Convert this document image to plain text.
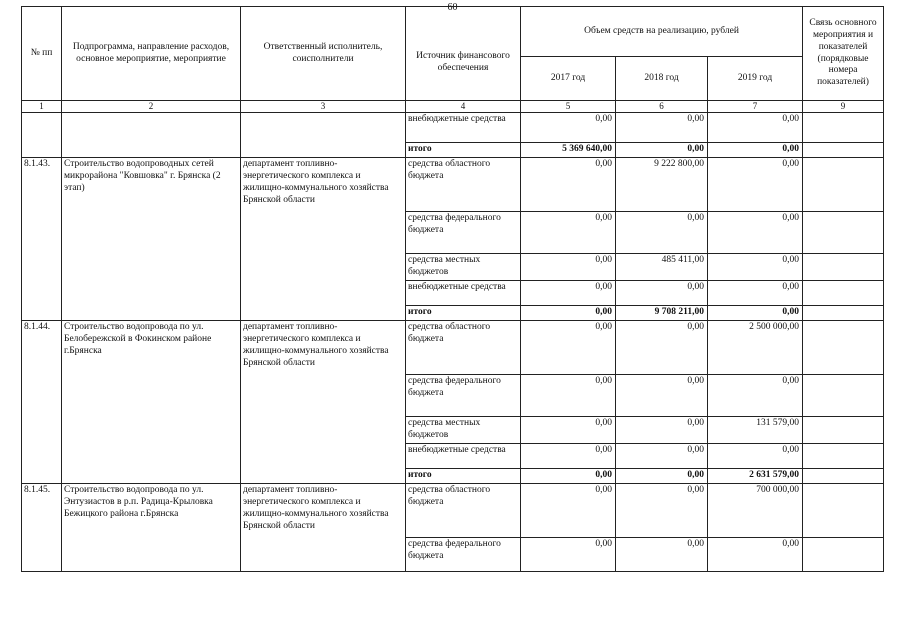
60
№ пп	Подпрограмма, направление расходов, основное мероприятие, мероприятие	Ответственный исполнитель, соисполнители	Источник финансового обеспечения	Объем средств на реализацию, рублей			Связь основного мероприятия и показателей (порядковые номера показателей)
				2017 год	2018 год	2019 год	
1	2	3	4	5	6	7	9
			внебюджетные средства	0,00	0,00	0,00	
			итого	5 369 640,00	0,00	0,00	
8.1.43.	Строительство водопроводных сетей микрорайона "Ковшовка" г. Брянска (2 этап)	департамент топливно-энергетического комплекса и жилищно-коммунального хозяйства Брянской области	средства областного бюджета	0,00	9 222 800,00	0,00	
			средства федерального бюджета	0,00	0,00	0,00	
			средства местных бюджетов	0,00	485 411,00	0,00	
			внебюджетные средства	0,00	0,00	0,00	
			итого	0,00	9 708 211,00	0,00	
8.1.44.	Строительство водопровода по ул. Белобережской в Фокинском районе г.Брянска	департамент топливно-энергетического комплекса и жилищно-коммунального хозяйства Брянской области	средства областного бюджета	0,00	0,00	2 500 000,00	
			средства федерального бюджета	0,00	0,00	0,00	
			средства местных бюджетов	0,00	0,00	131 579,00	
			внебюджетные средства	0,00	0,00	0,00	
			итого	0,00	0,00	2 631 579,00	
8.1.45.	Строительство водопровода по ул. Энтузиастов в р.п. Радица-Крыловка Бежицкого района г.Брянска	департамент топливно-энергетического комплекса и жилищно-коммунального хозяйства Брянской области	средства областного бюджета	0,00	0,00	700 000,00	
			средства федерального бюджета	0,00	0,00	0,00	
